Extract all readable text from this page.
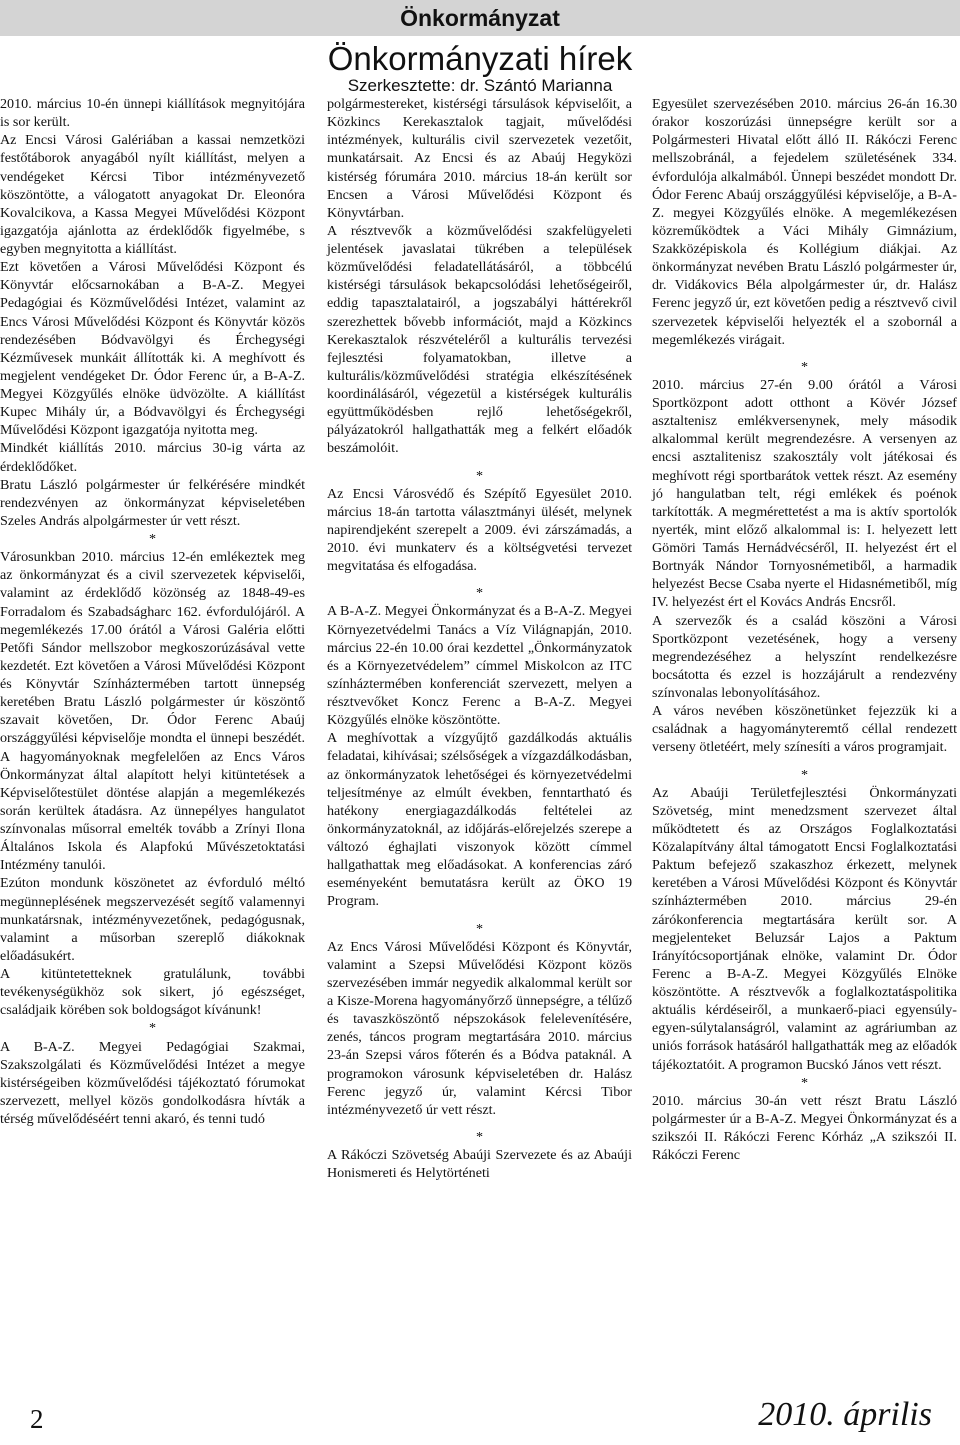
Önkormányzat
Önkormányzati hírek
Szerkesztette: dr. Szántó Marianna

2010. március 10-én ünnepi kiállítások megnyitójára is sor került.

Az Encsi Városi Galériában a kassai nemzetközi festőtáborok anyagából nyílt kiállítást, melyen a vendégeket Kércsi Tibor intézményvezető köszöntötte, a válogatott anyagokat Dr. Eleonóra Kovalcikova, a Kassa Megyei Művelődési Központ igazgatója ajánlotta az érdeklődők figyelmébe, s egyben megnyitotta a kiállítást.

Ezt követően a Városi Művelődési Központ és Könyvtár előcsarnokában a B-A-Z. Megyei Pedagógiai és Közművelődési Intézet, valamint az Encs Városi Művelődési Központ és Könyvtár közös rendezésében Bódvavölgyi és Érchegységi Kézművesek munkáit állították ki. A meghívott és megjelent vendégeket Dr. Ódor Ferenc úr, a B-A-Z. Megyei Közgyűlés elnöke üdvözölte. A kiállítást Kupec Mihály úr, a Bódvavölgyi és Érchegységi Művelődési Központ igazgatója nyitotta meg.

Mindkét kiállítás 2010. március 30-ig várta az érdeklődőket.

Bratu László polgármester úr felkérésére mindkét rendezvényen az önkormányzat képviseletében Szeles András alpolgármester úr vett részt.

*

Városunkban 2010. március 12-én emlékeztek meg az önkormányzat és a civil szervezetek képviselői, valamint az érdeklődő közönség az 1848-49-es Forradalom és Szabadságharc 162. évfordulójáról. A megemlékezés 17.00 órától a Városi Galéria előtti Petőfi Sándor mellszobor megkoszorúzásával vette kezdetét. Ezt követően a Városi Művelődési Központ és Könyvtár Színháztermében tartott ünnepség keretében Bratu László polgármester úr köszöntő szavait követően, Dr. Ódor Ferenc Abaúj országgyűlési képviselője mondta el ünnepi beszédét. A hagyományoknak megfelelően az Encs Város Önkormányzat által alapított helyi kitüntetések a Képviselőtestület döntése alapján a megemlékezés során kerültek átadásra. Az ünnepélyes hangulatot színvonalas műsorral emelték tovább a Zrínyi Ilona Általános Iskola és Alapfokú Művészetoktatási Intézmény tanulói.

Ezúton mondunk köszönetet az évforduló méltó megünneplésének megszervezését segítő valamennyi munkatársnak, intézményvezetőnek, pedagógusnak, valamint a műsorban szereplő diákoknak előadásukért.

A kitüntetetteknek gratulálunk, további tevékenységükhöz sok sikert, jó egészséget, családjaik körében sok boldogságot kívánunk!

*

A B-A-Z. Megyei Pedagógiai Szakmai, Szakszolgálati és Közművelődési Intézet a megye kistérségeiben közművelődési tájékoztató fórumokat szervezett, mellyel közös gondolkodásra hívták a térség művelődéséért tenni akaró, és tenni tudó

polgármestereket, kistérségi társulások képviselőit, a Közkincs Kerekasztalok tagjait, művelődési intézmények, kulturális civil szervezetek vezetőit, munkatársait. Az Encsi és az Abaúj Hegyközi kistérség fórumára 2010. március 18-án került sor Encsen a Városi Művelődési Központ és Könyvtárban.

A résztvevők a közművelődési szakfelügyeleti jelentések javaslatai tükrében a települések közművelődési feladatellátásáról, a többcélú kistérségi társulások bekapcsolódási lehetőségeiről, eddig tapasztalatairól, a jogszabályi háttérekről szerezhettek bővebb információt, majd a Közkincs Kerekasztalok részvételéről a kulturális tervezési fejlesztési folyamatokban, illetve a kulturális/közművelődési stratégia elkészítésének koordinálásáról, végezetül a kistérségek kulturális együttműködésben rejlő lehetőségekről, pályázatokról hallgathatták meg a felkért előadók beszámolóit.

*

Az Encsi Városvédő és Szépítő Egyesület 2010. március 18-án tartotta választmányi ülését, melynek napirendjeként szerepelt a 2009. évi zárszámadás, a 2010. évi munkaterv és a költségvetési tervezet megvitatása és elfogadása.

*

A B-A-Z. Megyei Önkormányzat és a B-A-Z. Megyei Környezetvédelmi Tanács a Víz Világnapján, 2010. március 22-én 10.00 órai kezdettel „Önkormányzatok és a Környezetvédelem” címmel Miskolcon az ITC színháztermében konferenciát szervezett, melyen a résztvevőket Koncz Ferenc a B-A-Z. Megyei Közgyűlés elnöke köszöntötte.

A meghívottak a vízgyűjtő gazdálkodás aktuális feladatai, kihívásai; szélsőségek a vízgazdálkodásban, az önkormányzatok lehetőségei és környezetvédelmi teljesítménye az elmúlt években, fenntartható és hatékony energiagazdálkodás feltételei az önkormányzatoknál, az időjárás-előrejelzés szerepe a változó éghajlati viszonyok között címmel hallgathattak meg előadásokat. A konferencias záró eseményeként bemutatásra került az ÖKO 19 Program.

*

Az Encs Városi Művelődési Központ és Könyvtár, valamint a Szepsi Művelődési Központ közös szervezésében immár negyedik alkalommal került sor a Kisze-Morena hagyományőrző ünnepségre, a télűző és tavaszköszöntő népszokások felelevenítésére, zenés, táncos program megtartására 2010. március 23-án Szepsi város főterén és a Bódva pataknál. A programokon városunk képviseletében dr. Halász Ferenc jegyző úr, valamint Kércsi Tibor intézményvezető úr vett részt.

*

A Rákóczi Szövetség Abaúji Szervezete és az Abaúji Honismereti és Helytörténeti

Egyesület szervezésében 2010. március 26-án 16.30 órakor koszorúzási ünnepségre került sor a Polgármesteri Hivatal előtt álló II. Rákóczi Ferenc mellszobránál, a fejedelem születésének 334. évfordulója alkalmából. Ünnepi beszédet mondott Dr. Ódor Ferenc Abaúj országgyűlési képviselője, a B-A-Z. megyei Közgyűlés elnöke. A megemlékezésen közreműködtek a Váci Mihály Gimnázium, Szakközépiskola és Kollégium diákjai. Az önkormányzat nevében Bratu László polgármester úr, dr. Vidákovics Béla alpolgármester úr, dr. Halász Ferenc jegyző úr, ezt követően pedig a résztvevő civil szervezetek képviselői helyezték el a szobornál a megemlékezés virágait.

*

2010. március 27-én 9.00 órától a Városi Sportközpont adott otthont a Kövér József asztaltenisz emlékversenynek, mely második alkalommal került megrendezésre. A versenyen az encsi asztalitenisz szakosztály volt játékosai és meghívott régi sportbarátok vettek részt. Az esemény jó hangulatban telt, régi emlékek és poénok tarkították. A megmérettetést a ma is aktív sportolók nyerték, mint előző alkalommal is: I. helyezett lett Gömöri Tamás Hernádvécséről, II. helyezést ért el Bortnyák Nándor Tornyosnémetiből, a harmadik helyezést Becse Csaba nyerte el Hidasnémetiből, míg IV. helyezést ért el Kovács András Encsről.

A szervezők és a család köszöni a Városi Sportközpont vezetésének, hogy a verseny megrendezéséhez a helyszínt rendelkezésre bocsátotta és ezzel is hozzájárult a rendezvény színvonalas lebonyolításához.

A város nevében köszönetünket fejezzük ki a családnak a hagyományteremtő céllal rendezett verseny ötletéért, mely színesíti a város programjait.

*

Az Abaúji Területfejlesztési Önkormányzati Szövetség, mint menedzsment szervezet által működtetett és az Országos Foglalkoztatási Közalapítvány által támogatott Encsi Foglalkoztatási Paktum befejező szakaszhoz érkezett, melynek keretében a Városi Művelődési Központ és Könyvtár színháztermében 2010. március 29-én zárókonferencia megtartására került sor. A megjelenteket Beluzsár Lajos a Paktum Irányítócsoportjának elnöke, valamint Dr. Ódor Ferenc a B-A-Z. Megyei Közgyűlés Elnöke köszöntötte. A résztvevők a foglalkoztatáspolitika aktuális kérdéseiről, a munkaerő-piaci egyensúly-egyen-súlytalanságról, valamint az agráriumban az uniós források hatásáról hallgathatták meg az előadók tájékoztatóit. A programon Bucskó János vett részt.

*

2010. március 30-án vett részt Bratu László polgármester úr a B-A-Z. Megyei Önkormányzat és a szikszói II. Rákóczi Ferenc Kórház „A szikszói II. Rákóczi Ferenc

2	2010. április
